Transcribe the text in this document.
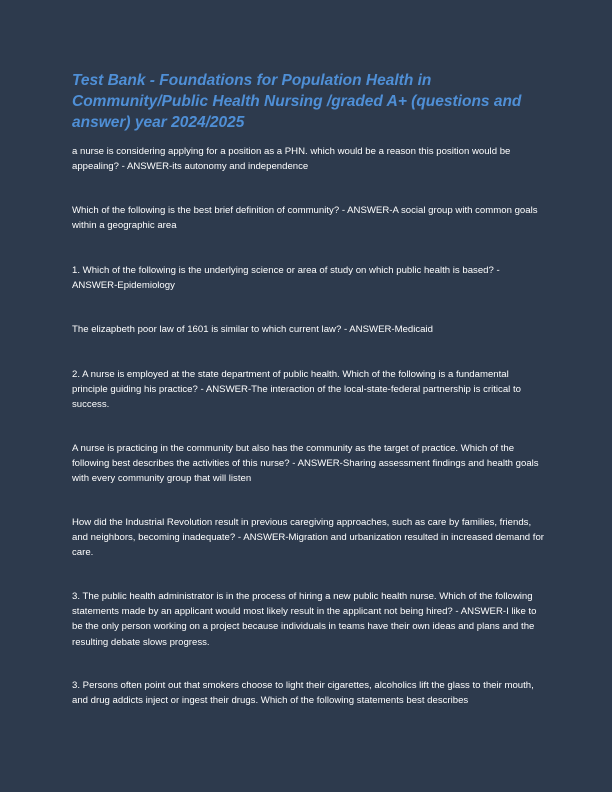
Test Bank - Foundations for Population Health in Community/Public Health Nursing /graded A+ (questions and answer) year 2024/2025

a nurse is considering applying for a position as a PHN. which would be a reason this position would be appealing? - ANSWER-its autonomy and independence

Which of the following is the best brief definition of community? - ANSWER-A social group with common goals within a geographic area

1. Which of the following is the underlying science or area of study on which public health is based? - ANSWER-Epidemiology

The elizapbeth poor law of 1601 is similar to which current law? - ANSWER-Medicaid

2. A nurse is employed at the state department of public health. Which of the following is a fundamental principle guiding his practice? - ANSWER-The interaction of the local-state-federal partnership is critical to success.

A nurse is practicing in the community but also has the community as the target of practice. Which of the following best describes the activities of this nurse? - ANSWER-Sharing assessment findings and health goals with every community group that will listen

How did the Industrial Revolution result in previous caregiving approaches, such as care by families, friends, and neighbors, becoming inadequate? - ANSWER-Migration and urbanization resulted in increased demand for care.

3. The public health administrator is in the process of hiring a new public health nurse. Which of the following statements made by an applicant would most likely result in the applicant not being hired? - ANSWER-I like to be the only person working on a project because individuals in teams have their own ideas and plans and the resulting debate slows progress.

3. Persons often point out that smokers choose to light their cigarettes, alcoholics lift the glass to their mouth, and drug addicts inject or ingest their drugs. Which of the following statements best describes
